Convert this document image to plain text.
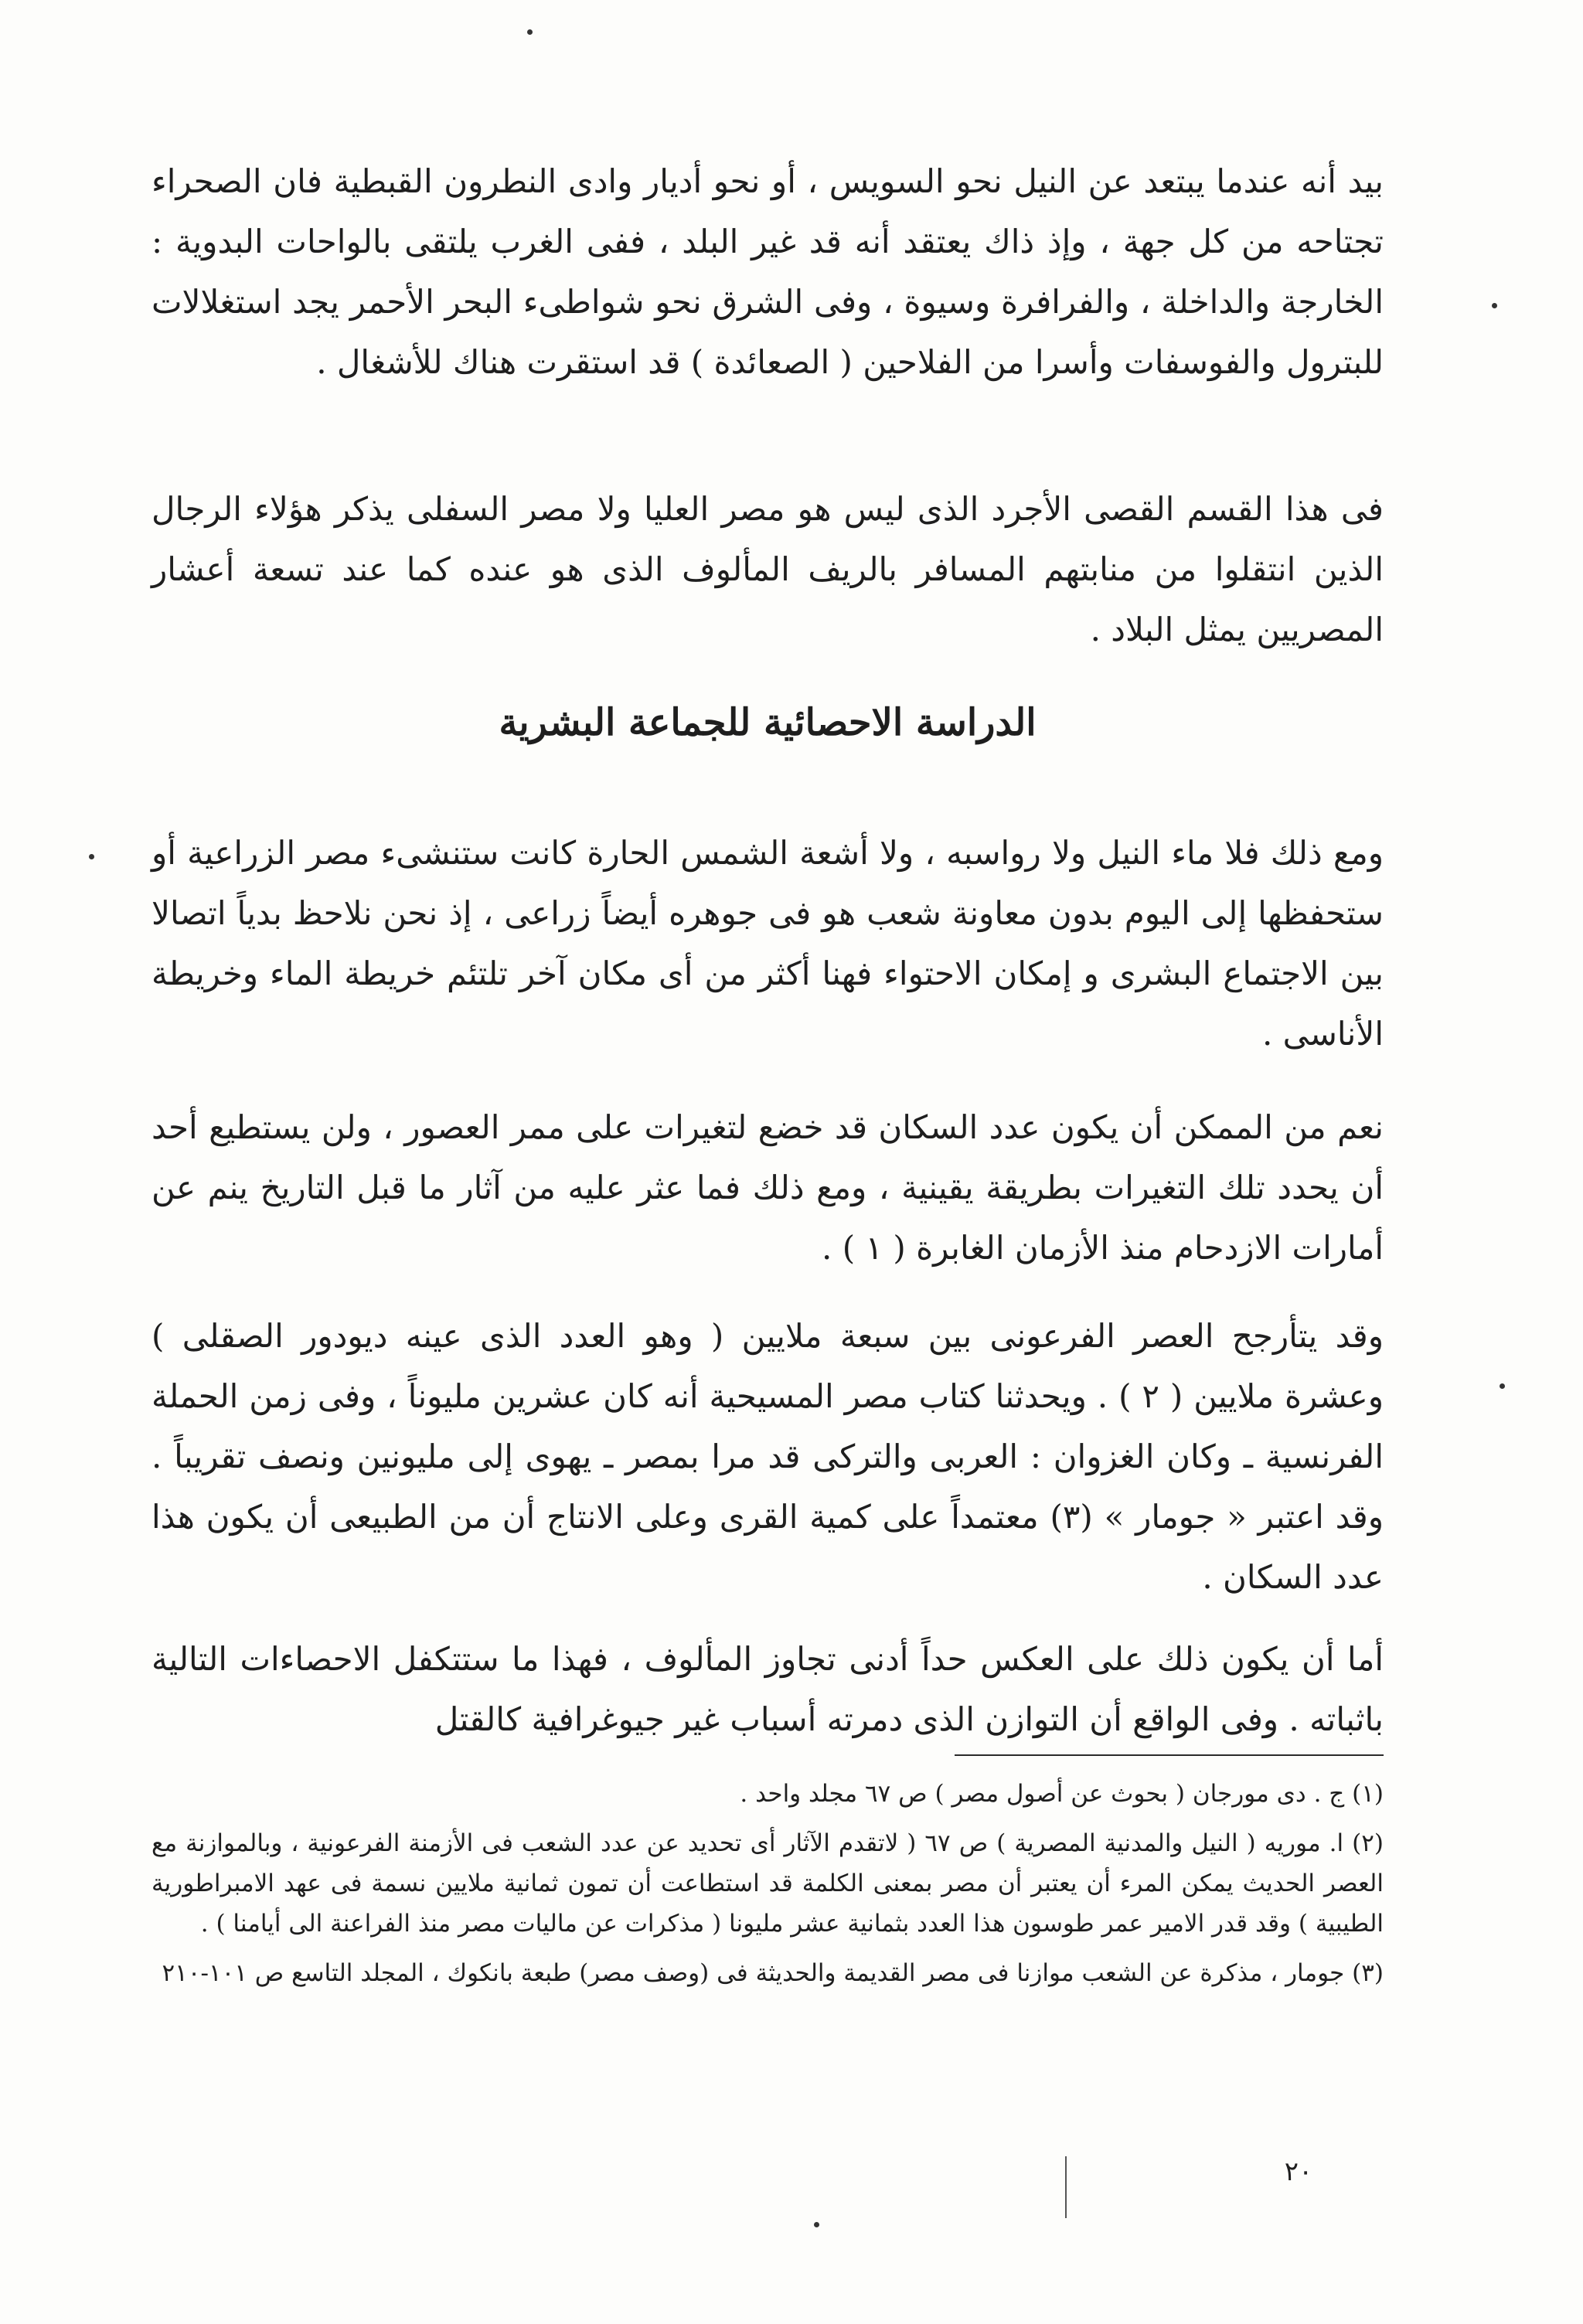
بيد أنه عندما يبتعد عن النيل نحو السويس ، أو نحو أديار وادى النطرون القبطية فان الصحراء تجتاحه من كل جهة ، وإذ ذاك يعتقد أنه قد غير البلد ، ففى الغرب يلتقى بالواحات البدوية : الخارجة والداخلة ، والفرافرة وسيوة ، وفى الشرق نحو شواطىء البحر الأحمر يجد استغلالات للبترول والفوسفات وأسرا من الفلاحين ( الصعائدة ) قد استقرت هناك للأشغال .

فى هذا القسم القصى الأجرد الذى ليس هو مصر العليا ولا مصر السفلى يذكر هؤلاء الرجال الذين انتقلوا من منابتهم المسافر بالريف المألوف الذى هو عنده كما عند تسعة أعشار المصريين يمثل البلاد .

الدراسة الاحصائية للجماعة البشرية

ومع ذلك فلا ماء النيل ولا رواسبه ، ولا أشعة الشمس الحارة كانت ستنشىء مصر الزراعية أو ستحفظها إلى اليوم بدون معاونة شعب هو فى جوهره أيضاً زراعى ، إذ نحن نلاحظ بدياً اتصالا بين الاجتماع البشرى و إمكان الاحتواء فهنا أكثر من أى مكان آخر تلتئم خريطة الماء وخريطة الأناسى .

نعم من الممكن أن يكون عدد السكان قد خضع لتغيرات على ممر العصور ، ولن يستطيع أحد أن يحدد تلك التغيرات بطريقة يقينية ، ومع ذلك فما عثر عليه من آثار ما قبل التاريخ ينم عن أمارات الازدحام منذ الأزمان الغابرة ( ١ ) .

وقد يتأرجح العصر الفرعونى بين سبعة ملايين ( وهو العدد الذى عينه ديودور الصقلى ) وعشرة ملايين ( ٢ ) . ويحدثنا كتاب مصر المسيحية أنه كان عشرين مليوناً ، وفى زمن الحملة الفرنسية ـ وكان الغزوان : العربى والتركى قد مرا بمصر ـ يهوى إلى مليونين ونصف تقريباً . وقد اعتبر « جومار » (٣) معتمداً على كمية القرى وعلى الانتاج أن من الطبيعى أن يكون هذا عدد السكان .

أما أن يكون ذلك على العكس حداً أدنى تجاوز المألوف ، فهذا ما ستتكفل الاحصاءات التالية باثباته . وفى الواقع أن التوازن الذى دمرته أسباب غير جيوغرافية كالقتل

(١) ج . دى مورجان ( بحوث عن أصول مصر ) ص ٦٧ مجلد واحد .

(٢) ا. موريه ( النيل والمدنية المصرية ) ص ٦٧ ( لاتقدم الآثار أى تحديد عن عدد الشعب فى الأزمنة الفرعونية ، وبالموازنة مع العصر الحديث يمكن المرء أن يعتبر أن مصر بمعنى الكلمة قد استطاعت أن تمون ثمانية ملايين نسمة فى عهد الامبراطورية الطيبية ) وقد قدر الامير عمر طوسون هذا العدد بثمانية عشر مليونا ( مذكرات عن ماليات مصر منذ الفراعنة الى أيامنا ) .

(٣) جومار ، مذكرة عن الشعب موازنا فى مصر القديمة والحديثة فى (وصف مصر) طبعة بانكوك ، المجلد التاسع ص ١٠١-٢١٠

٢٠
